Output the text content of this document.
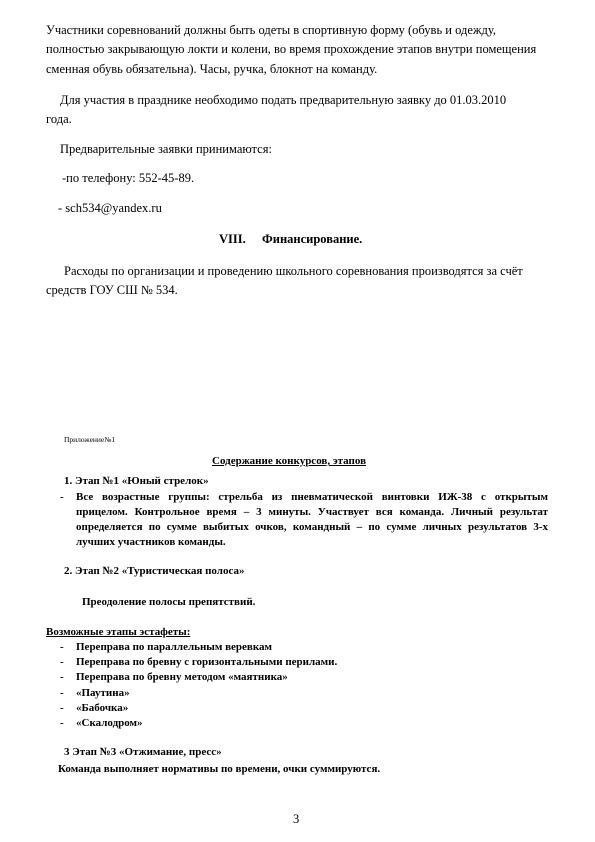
Участники соревнований должны быть одеты в спортивную форму (обувь и одежду,
полностью закрывающую локти и колени, во время прохождение этапов внутри помещения
сменная обувь обязательна). Часы, ручка, блокнот на команду.
Для участия в празднике необходимо подать предварительную заявку до 01.03.2010
года.
Предварительные заявки принимаются:
-по телефону: 552-45-89.
- sch534@yandex.ru
VIII. Финансирование.
Расходы по организации и проведению школьного соревнования производятся за счёт
средств ГОУ СШ № 534.
Приложение№1
Содержание конкурсов, этапов
1. Этап №1 «Юный стрелок»
- Все возрастные группы: стрельба из пневматической винтовки ИЖ-38 с открытым прицелом. Контрольное время – 3 минуты. Участвует вся команда. Личный результат определяется по сумме выбитых очков, командный – по сумме личных результатов 3-х лучших участников команды.
2. Этап №2 «Туристическая полоса»
Преодоление полосы препятствий.
Возможные этапы эстафеты:
- Переправа по параллельным веревкам
- Переправа по бревну с горизонтальными перилами.
- Переправа по бревну методом «маятника»
- «Паутина»
- «Бабочка»
- «Скалодром»
3 Этап №3 «Отжимание, пресс»
Команда выполняет нормативы по времени, очки суммируются.
3
